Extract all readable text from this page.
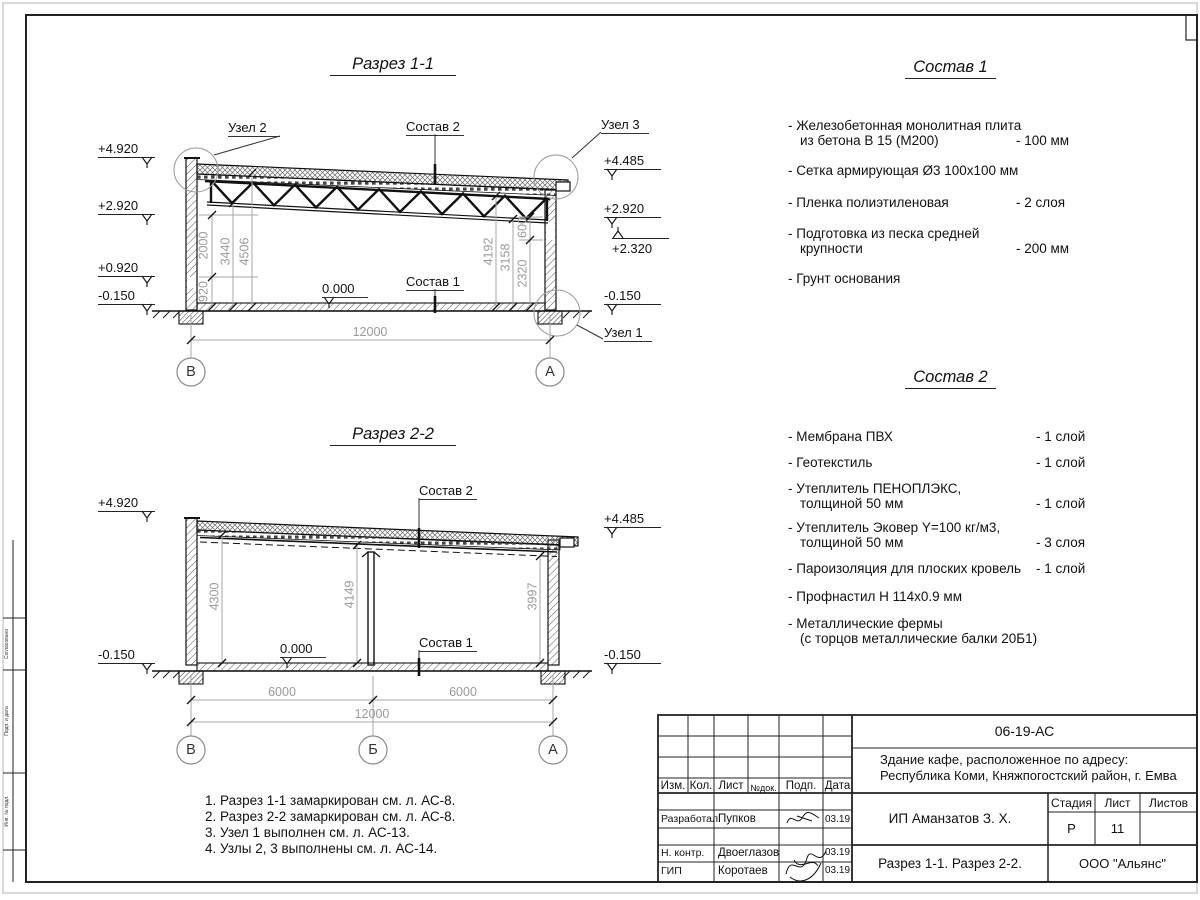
Разрез 1-1
Разрез 2-2
Состав 1
Состав 2
+4.920
+2.920
+0.920
-0.150
+4.485
+2.920
+2.320
-0.150
Узел 2	Состав 2	Узел 3
Состав 1
0.000
Узел 1
920
2000 3440 4506	4192 3158
2320
600
12000
В	А
+4.920
-0.150
+4.485
-0.150
Состав 2
Состав 1
0.000
4300	4149	3997
6000	6000
12000
В	Б	А
- Железобетонная монолитная плита
из бетона В 15 (М200)	- 100 мм
- Сетка армирующая Ø3 100х100 мм
- Пленка полиэтиленовая	- 2 слоя
- Подготовка из песка средней
крупности	- 200 мм
- Грунт основания
- Мембрана ПВХ	- 1 слой
- Геотекстиль	- 1 слой
- Утеплитель ПЕНОПЛЭКС,
толщиной 50 мм	- 1 слой
- Утеплитель Эковер Y=100 кг/м3,
толщиной 50 мм	- 3 слоя
- Пароизоляция для плоских кровель - 1 слой
- Профнастил Н 114х0.9 мм
- Металлические фермы
(с торцов металлические балки 20Б1)
1. Разрез 1-1 замаркирован см. л. АС-8.
2. Разрез 2-2 замаркирован см. л. АС-8.
3. Узел 1 выполнен см. л. АС-13.
4. Узлы 2, 3 выполнены см. л. АС-14.
06-19-АС
Здание кафе, расположенное по адресу:
Республика Коми, Княжпогостский район, г. Емва
Изм. Кол. Лист №док. Подп. Дата
Разработал Пупков	03.19
Н. контр. Двоеглазов	03.19
ГИП	Коротаев	03.19
ИП Аманзатов З. Х.
Стадия	Лист	Листов
Р	11
Разрез 1-1. Разрез 2-2.	ООО "Альянс"
Согласовано
Подп. и дата
Инв. № подл.
